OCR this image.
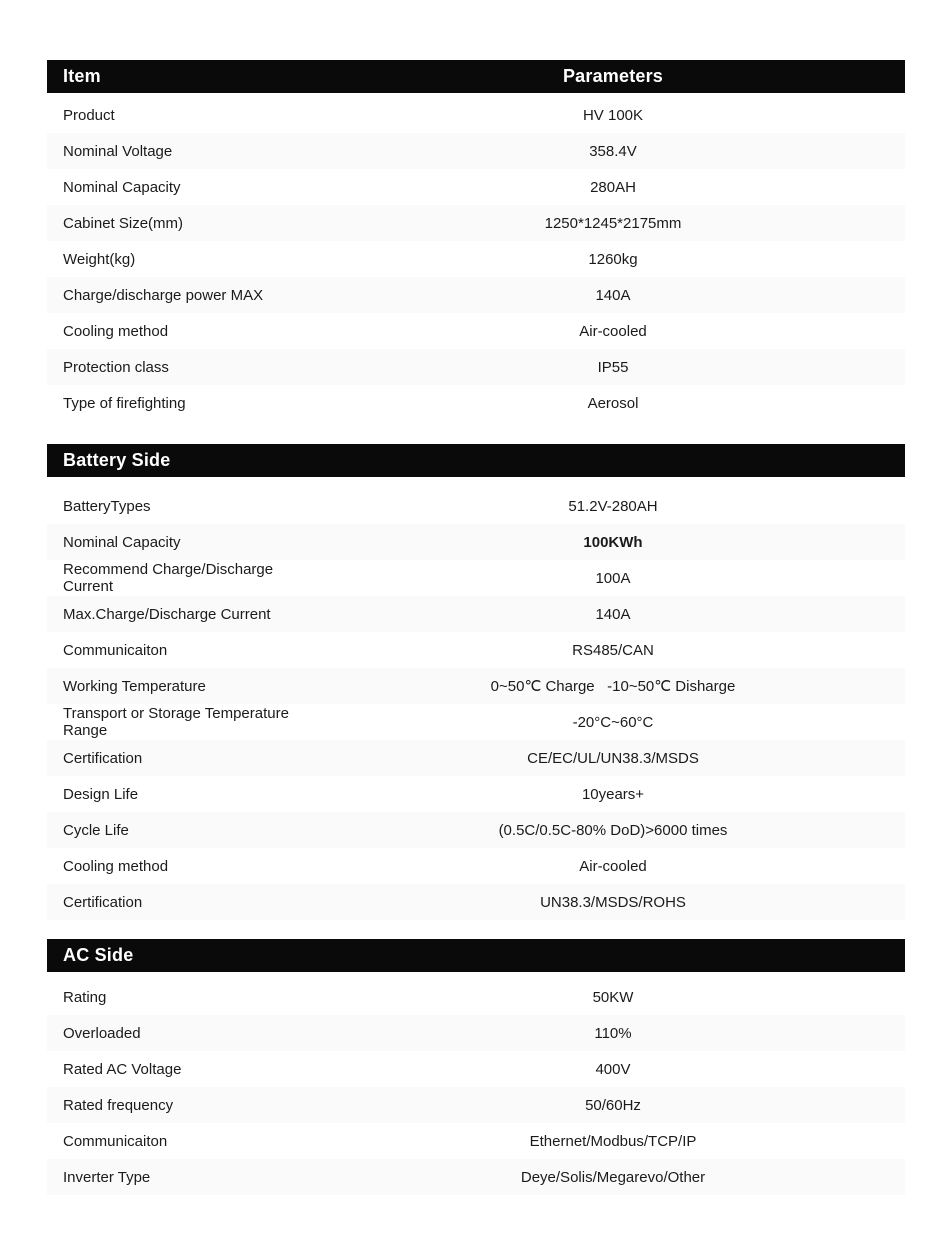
Item	Parameters
Product	HV 100K
Nominal Voltage	358.4V
Nominal Capacity	280AH
Cabinet Size(mm)	1250*1245*2175mm
Weight(kg)	1260kg
Charge/discharge power MAX	140A
Cooling method	Air-cooled
Protection class	IP55
Type of firefighting	Aerosol
Battery Side
BatteryTypes	51.2V-280AH
Nominal Capacity	100KWh
Recommend Charge/Discharge Current	100A
Max.Charge/Discharge Current	140A
Communicaiton	RS485/CAN
Working Temperature	0~50℃ Charge   -10~50℃ Disharge
Transport or Storage Temperature Range	-20°C~60°C
Certification	CE/EC/UL/UN38.3/MSDS
Design Life	10years+
Cycle Life	(0.5C/0.5C-80% DoD)>6000 times
Cooling method	Air-cooled
Certification	UN38.3/MSDS/ROHS
AC Side
Rating	50KW
Overloaded	110%
Rated AC Voltage	400V
Rated frequency	50/60Hz
Communicaiton	Ethernet/Modbus/TCP/IP
Inverter Type	Deye/Solis/Megarevo/Other
